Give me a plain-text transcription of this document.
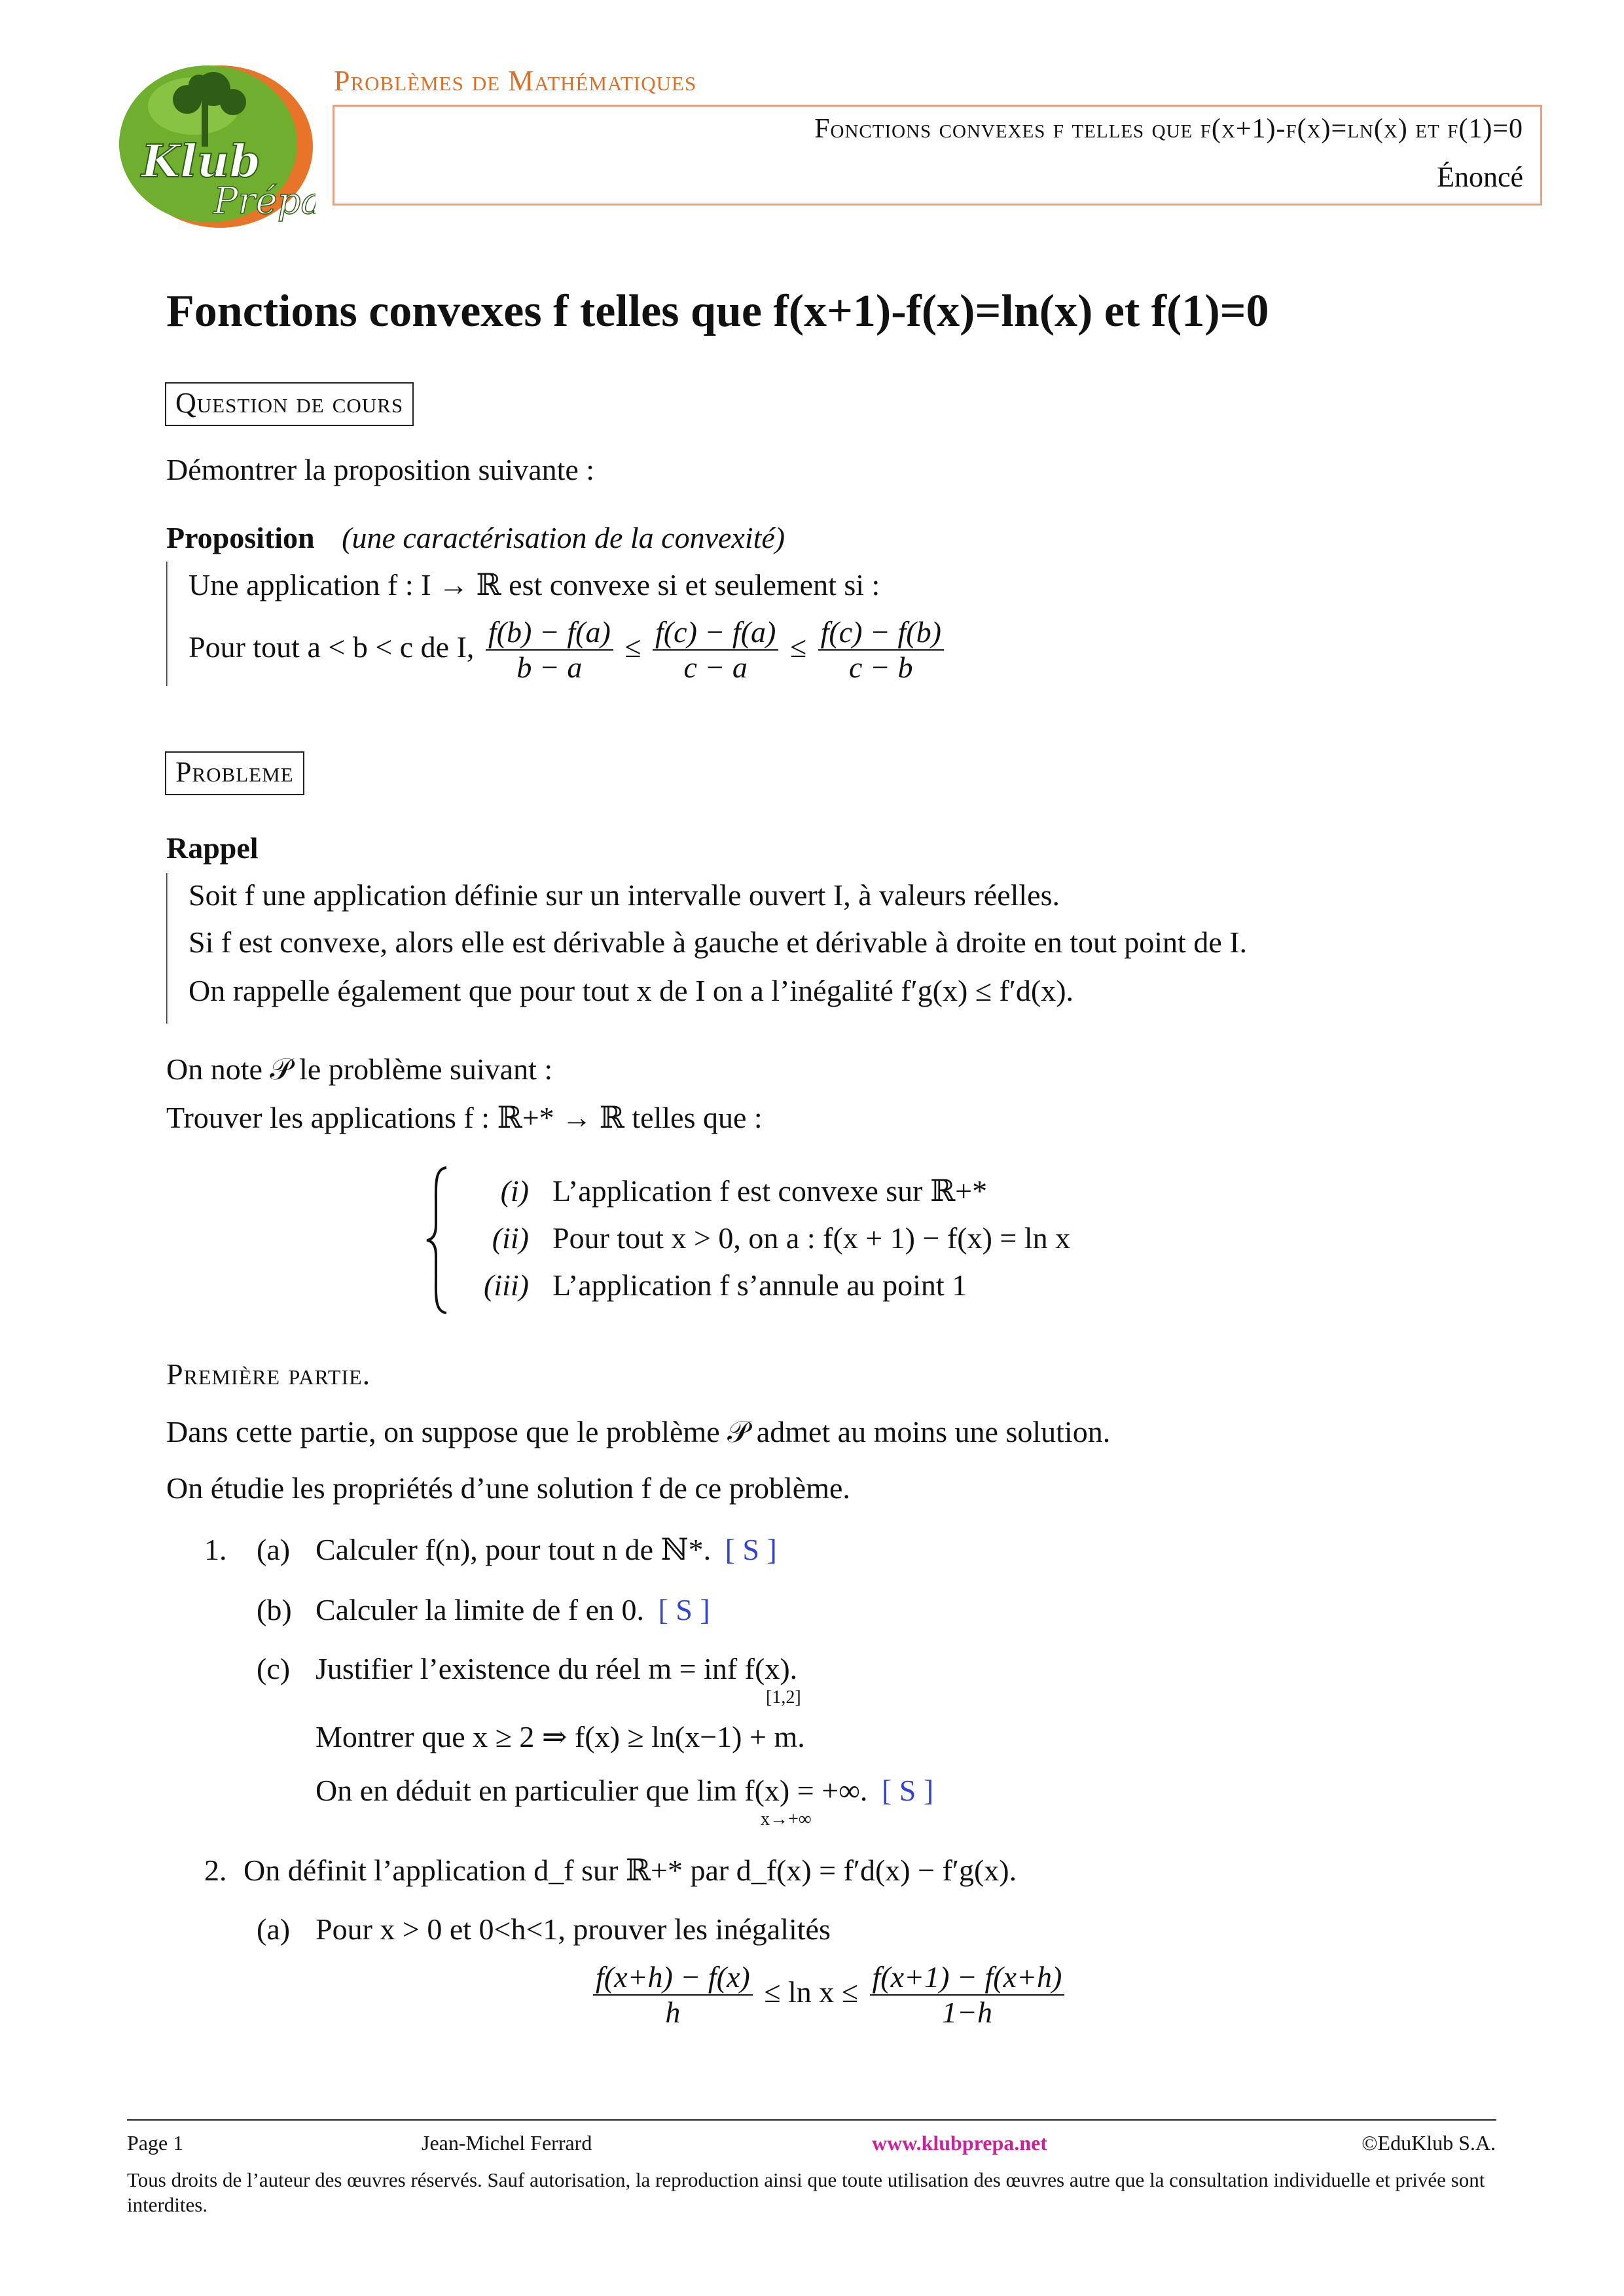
Klub
Prépa
Problèmes de Mathématiques
Fonctions convexes f telles que f(x+1)-f(x)=ln(x) et f(1)=0
Énoncé
Fonctions convexes f telles que f(x+1)-f(x)=ln(x) et f(1)=0
Question de cours
Démontrer la proposition suivante :
Proposition (une caractérisation de la convexité)
Une application f : I → ℝ est convexe si et seulement si :
Pour tout a < b < c de I, $\frac{f(b) - f(a)}{b - a} \le \frac{f(c) - f(a)}{c - a} \le \frac{f(c) - f(b)}{c - b}$
Probleme
Rappel
Soit f une application définie sur un intervalle ouvert I, à valeurs réelles.
Si f est convexe, alors elle est dérivable à gauche et dérivable à droite en tout point de I.
On rappelle également que pour tout x de I on a l’inégalité f′g(x) ≤ f′d(x).
On note 𝒫 le problème suivant :
Trouver les applications f : ℝ+* → ℝ telles que :
(i) L’application f est convexe sur ℝ+*
(ii) Pour tout x > 0, on a : f(x + 1) − f(x) = ln x
(iii) L’application f s’annule au point 1
Première partie.
Dans cette partie, on suppose que le problème 𝒫 admet au moins une solution.
On étudie les propriétés d’une solution f de ce problème.
1. (a) Calculer f(n), pour tout n de ℕ*. [ S ]
(b) Calculer la limite de f en 0. [ S ]
(c) Justifier l’existence du réel m = inf f(x).
[1,2]
Montrer que x ≥ 2 ⇒ f(x) ≥ ln(x−1) + m.
On en déduit en particulier que lim f(x) = +∞. [ S ]
x→+∞
2. On définit l’application d_f sur ℝ+* par d_f(x) = f′d(x) − f′g(x).
(a) Pour x > 0 et 0<h<1, prouver les inégalités
$\frac{f(x+h) - f(x)}{h} \le \ln x \le \frac{f(x+1) - f(x+h)}{1-h}$
Page 1	Jean-Michel Ferrard	www.klubprepa.net	©EduKlub S.A.
Tous droits de l’auteur des œuvres réservés. Sauf autorisation, la reproduction ainsi que toute utilisation des œuvres autre que la consultation individuelle et privée sont interdites.
